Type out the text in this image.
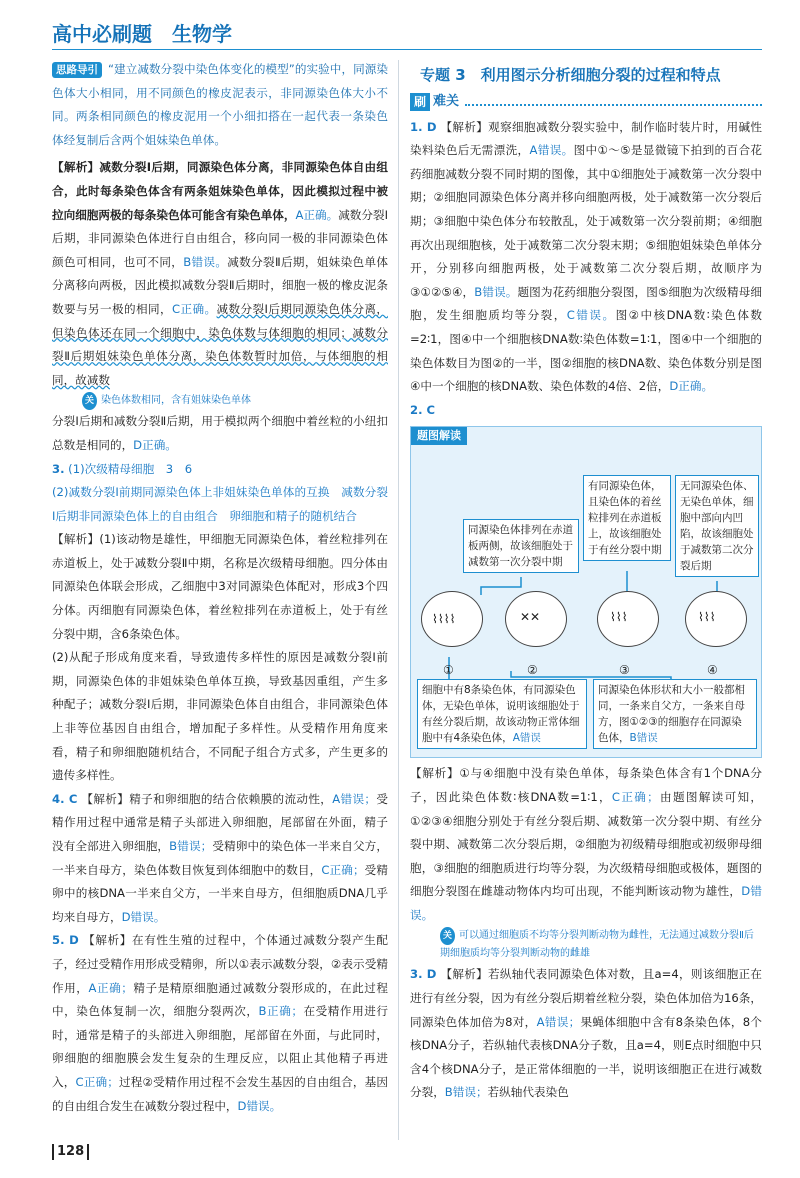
高中必刷题　生物学

思路导引 “建立减数分裂中染色体变化的模型”的实验中，同源染色体大小相同，用不同颜色的橡皮泥表示，非同源染色体大小不同。两条相同颜色的橡皮泥用一个小细扣搭在一起代表一条染色体经复制后含两个姐妹染色单体。

【解析】减数分裂Ⅰ后期，同源染色体分离，非同源染色体自由组合，此时每条染色体含有两条姐妹染色单体，因此模拟过程中被拉向细胞两极的每条染色体可能含有染色单体，A正确。减数分裂Ⅰ后期，非同源染色体进行自由组合，移向同一极的非同源染色体颜色可相同，也可不同，B错误。减数分裂Ⅱ后期，姐妹染色单体分离移向两极，因此模拟减数分裂Ⅱ后期时，细胞一极的橡皮泥条数要与另一极的相同，C正确。减数分裂Ⅰ后期同源染色体分离，但染色体还在同一个细胞中，染色体数与体细胞的相同；减数分裂Ⅱ后期姐妹染色单体分离，染色体数暂时加倍，与体细胞的相同，故减数

关 染色体数相同，含有姐妹染色单体

分裂Ⅰ后期和减数分裂Ⅱ后期，用于模拟两个细胞中着丝粒的小纽扣总数是相同的，D正确。

3. (1)次级精母细胞　3　6

(2)减数分裂Ⅰ前期同源染色体上非姐妹染色单体的互换　减数分裂Ⅰ后期非同源染色体上的自由组合　卵细胞和精子的随机结合

【解析】(1)该动物是雄性，甲细胞无同源染色体，着丝粒排列在赤道板上，处于减数分裂Ⅱ中期，名称是次级精母细胞。四分体由同源染色体联会形成，乙细胞中3对同源染色体配对，形成3个四分体。丙细胞有同源染色体，着丝粒排列在赤道板上，处于有丝分裂中期，含6条染色体。

(2)从配子形成角度来看，导致遗传多样性的原因是减数分裂Ⅰ前期，同源染色体的非姐妹染色单体互换，导致基因重组，产生多种配子；减数分裂Ⅰ后期，非同源染色体自由组合，非同源染色体上非等位基因自由组合，增加配子多样性。从受精作用角度来看，精子和卵细胞随机结合，不同配子组合方式多，产生更多的遗传多样性。

4. C 【解析】精子和卵细胞的结合依赖膜的流动性，A错误；受精作用过程中通常是精子头部进入卵细胞，尾部留在外面，精子没有全部进入卵细胞，B错误；受精卵中的染色体一半来自父方，一半来自母方，染色体数目恢复到体细胞中的数目，C正确；受精卵中的核DNA一半来自父方，一半来自母方，但细胞质DNA几乎均来自母方，D错误。

5. D 【解析】在有性生殖的过程中，个体通过减数分裂产生配子，经过受精作用形成受精卵，所以①表示减数分裂，②表示受精作用，A正确；精子是精原细胞通过减数分裂形成的，在此过程中，染色体复制一次，细胞分裂两次，B正确；在受精作用进行时，通常是精子的头部进入卵细胞，尾部留在外面，与此同时，卵细胞的细胞膜会发生复杂的生理反应，以阻止其他精子再进入，C正确；过程②受精作用过程不会发生基因的自由组合，基因的自由组合发生在减数分裂过程中，D错误。

专题 3　利用图示分析细胞分裂的过程和特点
刷 难关

1. D 【解析】观察细胞减数分裂实验中，制作临时装片时，用碱性染料染色后无需漂洗，A错误。图中①～⑤是显微镜下拍到的百合花药细胞减数分裂不同时期的图像，其中①细胞处于减数第一次分裂中期；②细胞同源染色体分离并移向细胞两极，处于减数第一次分裂后期；③细胞中染色体分布较散乱，处于减数第一次分裂前期；④细胞再次出现细胞核，处于减数第二次分裂末期；⑤细胞姐妹染色单体分开，分别移向细胞两极，处于减数第二次分裂后期，故顺序为③①②⑤④，B错误。题图为花药细胞分裂图，图⑤细胞为次级精母细胞，发生细胞质均等分裂，C错误。图②中核DNA数∶染色体数=2∶1，图④中一个细胞核DNA数∶染色体数=1∶1，图④中一个细胞的染色体数目为图②的一半，图②细胞的核DNA数、染色体数分别是图④中一个细胞的核DNA数、染色体数的4倍、2倍，D正确。

2. C

题图解读
同源染色体排列在赤道板两侧，故该细胞处于减数第一次分裂中期
有同源染色体，且染色体的着丝粒排列在赤道板上，故该细胞处于有丝分裂中期
无同源染色体、无染色单体，细胞中部向内凹陷，故该细胞处于减数第二次分裂后期
⌇⌇⌇⌇	✕✕	⌇⌇⌇	⌇⌇⌇
①	②	③	④
细胞中有8条染色体，有同源染色体，无染色单体，说明该细胞处于有丝分裂后期，故该动物正常体细胞中有4条染色体，A错误
同源染色体形状和大小一般都相同，一条来自父方，一条来自母方，图①②③的细胞存在同源染色体，B错误

【解析】①与④细胞中没有染色单体，每条染色体含有1个DNA分子，因此染色体数∶核DNA数=1∶1，C正确；由题图解读可知，①②③④细胞分别处于有丝分裂后期、减数第一次分裂中期、有丝分裂中期、减数第二次分裂后期，②细胞为初级精母细胞或初级卵母细胞，③细胞的细胞质进行均等分裂，为次级精母细胞或极体，题图的细胞分裂图在雌雄动物体内均可出现，不能判断该动物为雄性，D错误。

关 可以通过细胞质不均等分裂判断动物为雌性，无法通过减数分裂Ⅱ后期细胞质均等分裂判断动物的雌雄

3. D 【解析】若纵轴代表同源染色体对数，且a=4，则该细胞正在进行有丝分裂，因为有丝分裂后期着丝粒分裂，染色体加倍为16条，同源染色体加倍为8对，A错误；果蝇体细胞中含有8条染色体，8个核DNA分子，若纵轴代表核DNA分子数，且a=4，则E点时细胞中只含4个核DNA分子，是正常体细胞的一半，说明该细胞正在进行减数分裂，B错误；若纵轴代表染色

128
